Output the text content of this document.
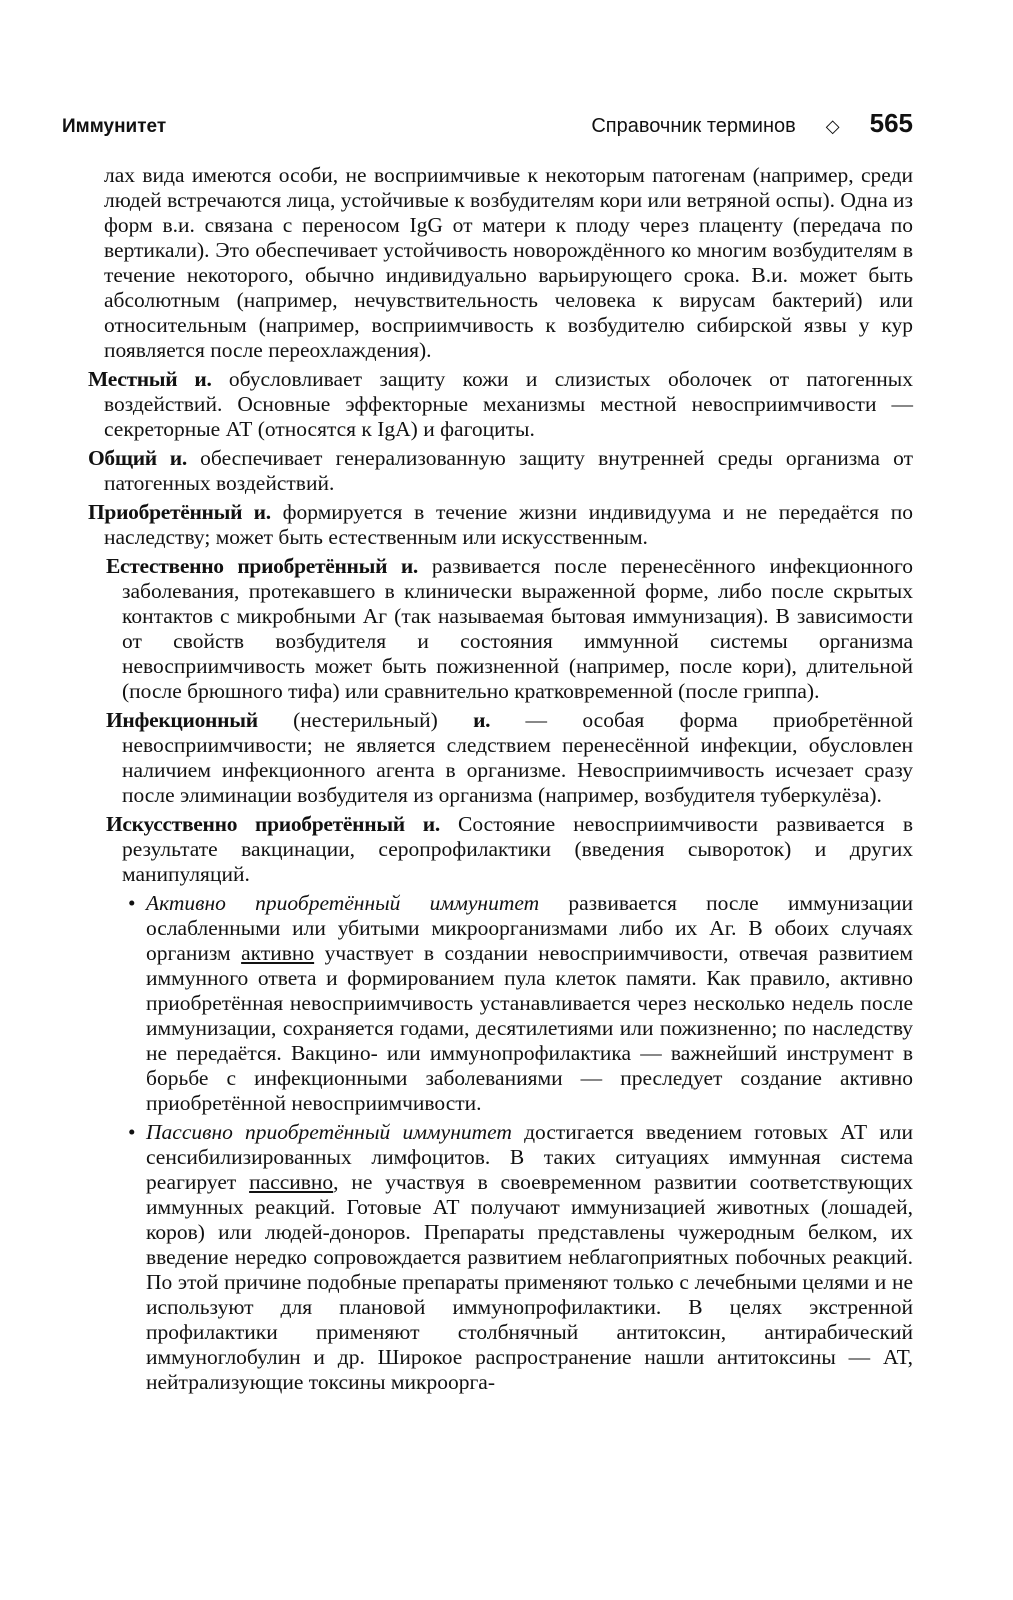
Иммунитет	Справочник терминов ◇ 565

лах вида имеются особи, не восприимчивые к некоторым патогенам (например, среди людей встречаются лица, устойчивые к возбудителям кори или ветряной оспы). Одна из форм в.и. связана с переносом IgG от матери к плоду через плаценту (передача по вертикали). Это обеспечивает устойчивость новорождённого ко многим возбудителям в течение некоторого, обычно индивидуально варьирующего срока. В.и. может быть абсолютным (например, нечувствительность человека к вирусам бактерий) или относительным (например, восприимчивость к возбудителю сибирской язвы у кур появляется после переохлаждения).

Местный и. обусловливает защиту кожи и слизистых оболочек от патогенных воздействий. Основные эффекторные механизмы местной невосприимчивости — секреторные АТ (относятся к IgA) и фагоциты.

Общий и. обеспечивает генерализованную защиту внутренней среды организма от патогенных воздействий.

Приобретённый и. формируется в течение жизни индивидуума и не передаётся по наследству; может быть естественным или искусственным.

Естественно приобретённый и. развивается после перенесённого инфекционного заболевания, протекавшего в клинически выраженной форме, либо после скрытых контактов с микробными Аг (так называемая бытовая иммунизация). В зависимости от свойств возбудителя и состояния иммунной системы организма невосприимчивость может быть пожизненной (например, после кори), длительной (после брюшного тифа) или сравнительно кратковременной (после гриппа).

Инфекционный (нестерильный) и. — особая форма приобретённой невосприимчивости; не является следствием перенесённой инфекции, обусловлен наличием инфекционного агента в организме. Невосприимчивость исчезает сразу после элиминации возбудителя из организма (например, возбудителя туберкулёза).

Искусственно приобретённый и. Состояние невосприимчивости развивается в результате вакцинации, серопрофилактики (введения сывороток) и других манипуляций.

• Активно приобретённый иммунитет развивается после иммунизации ослабленными или убитыми микроорганизмами либо их Аг. В обоих случаях организм активно участвует в создании невосприимчивости, отвечая развитием иммунного ответа и формированием пула клеток памяти. Как правило, активно приобретённая невосприимчивость устанавливается через несколько недель после иммунизации, сохраняется годами, десятилетиями или пожизненно; по наследству не передаётся. Вакцино- или иммунопрофилактика — важнейший инструмент в борьбе с инфекционными заболеваниями — преследует создание активно приобретённой невосприимчивости.

• Пассивно приобретённый иммунитет достигается введением готовых АТ или сенсибилизированных лимфоцитов. В таких ситуациях иммунная система реагирует пассивно, не участвуя в своевременном развитии соответствующих иммунных реакций. Готовые АТ получают иммунизацией животных (лошадей, коров) или людей-доноров. Препараты представлены чужеродным белком, их введение нередко сопровождается развитием неблагоприятных побочных реакций. По этой причине подобные препараты применяют только с лечебными целями и не используют для плановой иммунопрофилактики. В целях экстренной профилактики применяют столбнячный антитоксин, антирабический иммуноглобулин и др. Широкое распространение нашли антитоксины — АТ, нейтрализующие токсины микроорга-
